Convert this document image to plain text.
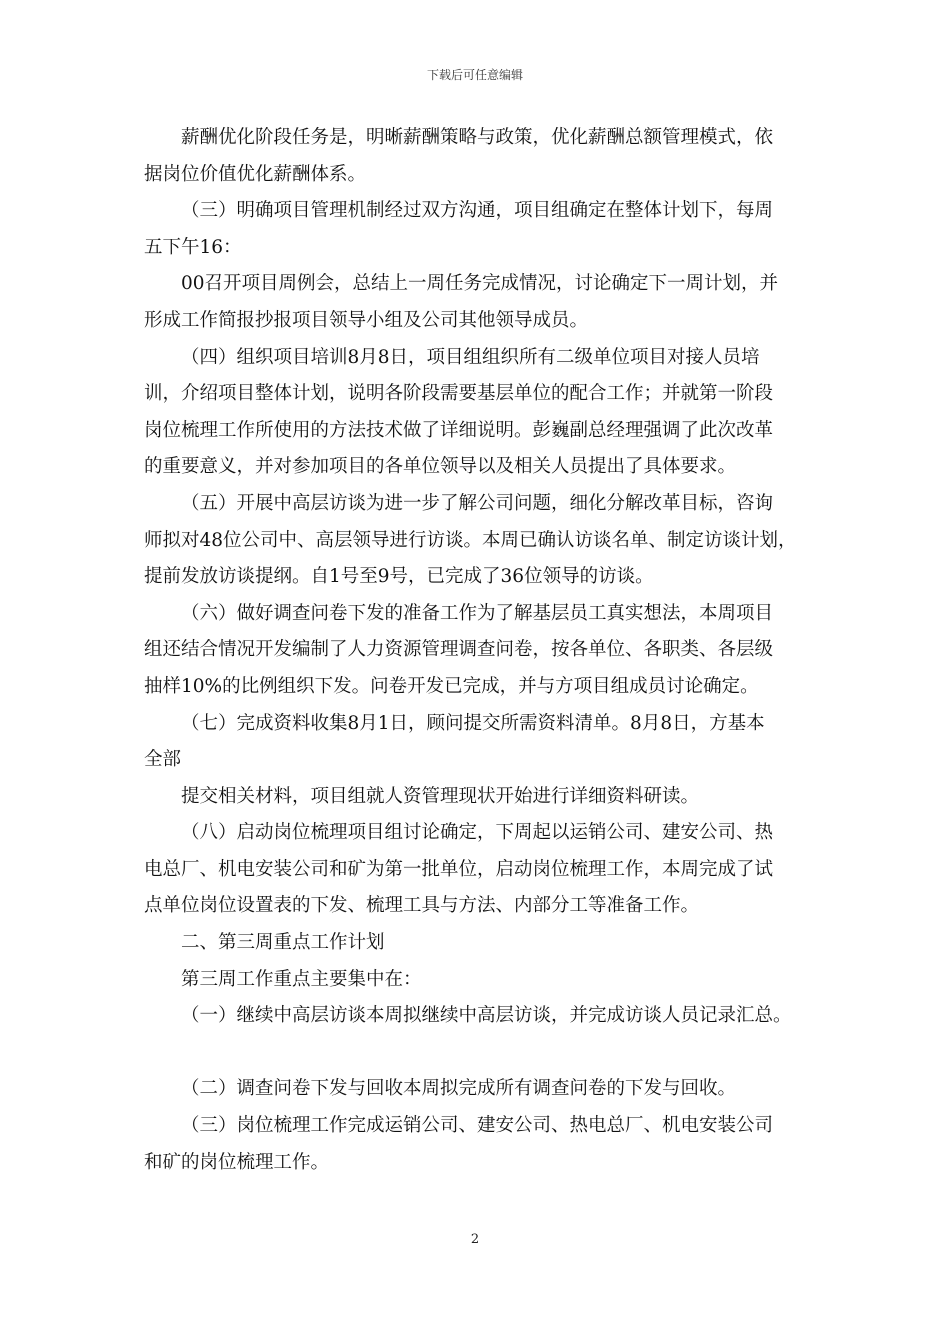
下载后可任意编辑
薪酬优化阶段任务是，明晰薪酬策略与政策，优化薪酬总额管理模式，依
据岗位价值优化薪酬体系。
（三）明确项目管理机制经过双方沟通，项目组确定在整体计划下，每周
五下午16：
00召开项目周例会，总结上一周任务完成情况，讨论确定下一周计划，并
形成工作简报抄报项目领导小组及公司其他领导成员。
（四）组织项目培训8月8日，项目组组织所有二级单位项目对接人员培
训，介绍项目整体计划，说明各阶段需要基层单位的配合工作；并就第一阶段
岗位梳理工作所使用的方法技术做了详细说明。彭巍副总经理强调了此次改革
的重要意义，并对参加项目的各单位领导以及相关人员提出了具体要求。
（五）开展中高层访谈为进一步了解公司问题，细化分解改革目标，咨询
师拟对48位公司中、高层领导进行访谈。本周已确认访谈名单、制定访谈计划，
提前发放访谈提纲。自1号至9号，已完成了36位领导的访谈。
（六）做好调查问卷下发的准备工作为了解基层员工真实想法，本周项目
组还结合情况开发编制了人力资源管理调查问卷，按各单位、各职类、各层级
抽样10%的比例组织下发。问卷开发已完成，并与方项目组成员讨论确定。
（七）完成资料收集8月1日，顾问提交所需资料清单。8月8日，方基本
全部
提交相关材料，项目组就人资管理现状开始进行详细资料研读。
（八）启动岗位梳理项目组讨论确定，下周起以运销公司、建安公司、热
电总厂、机电安装公司和矿为第一批单位，启动岗位梳理工作，本周完成了试
点单位岗位设置表的下发、梳理工具与方法、内部分工等准备工作。
二、第三周重点工作计划
第三周工作重点主要集中在：
（一）继续中高层访谈本周拟继续中高层访谈，并完成访谈人员记录汇总。
（二）调查问卷下发与回收本周拟完成所有调查问卷的下发与回收。
（三）岗位梳理工作完成运销公司、建安公司、热电总厂、机电安装公司
和矿的岗位梳理工作。
2
